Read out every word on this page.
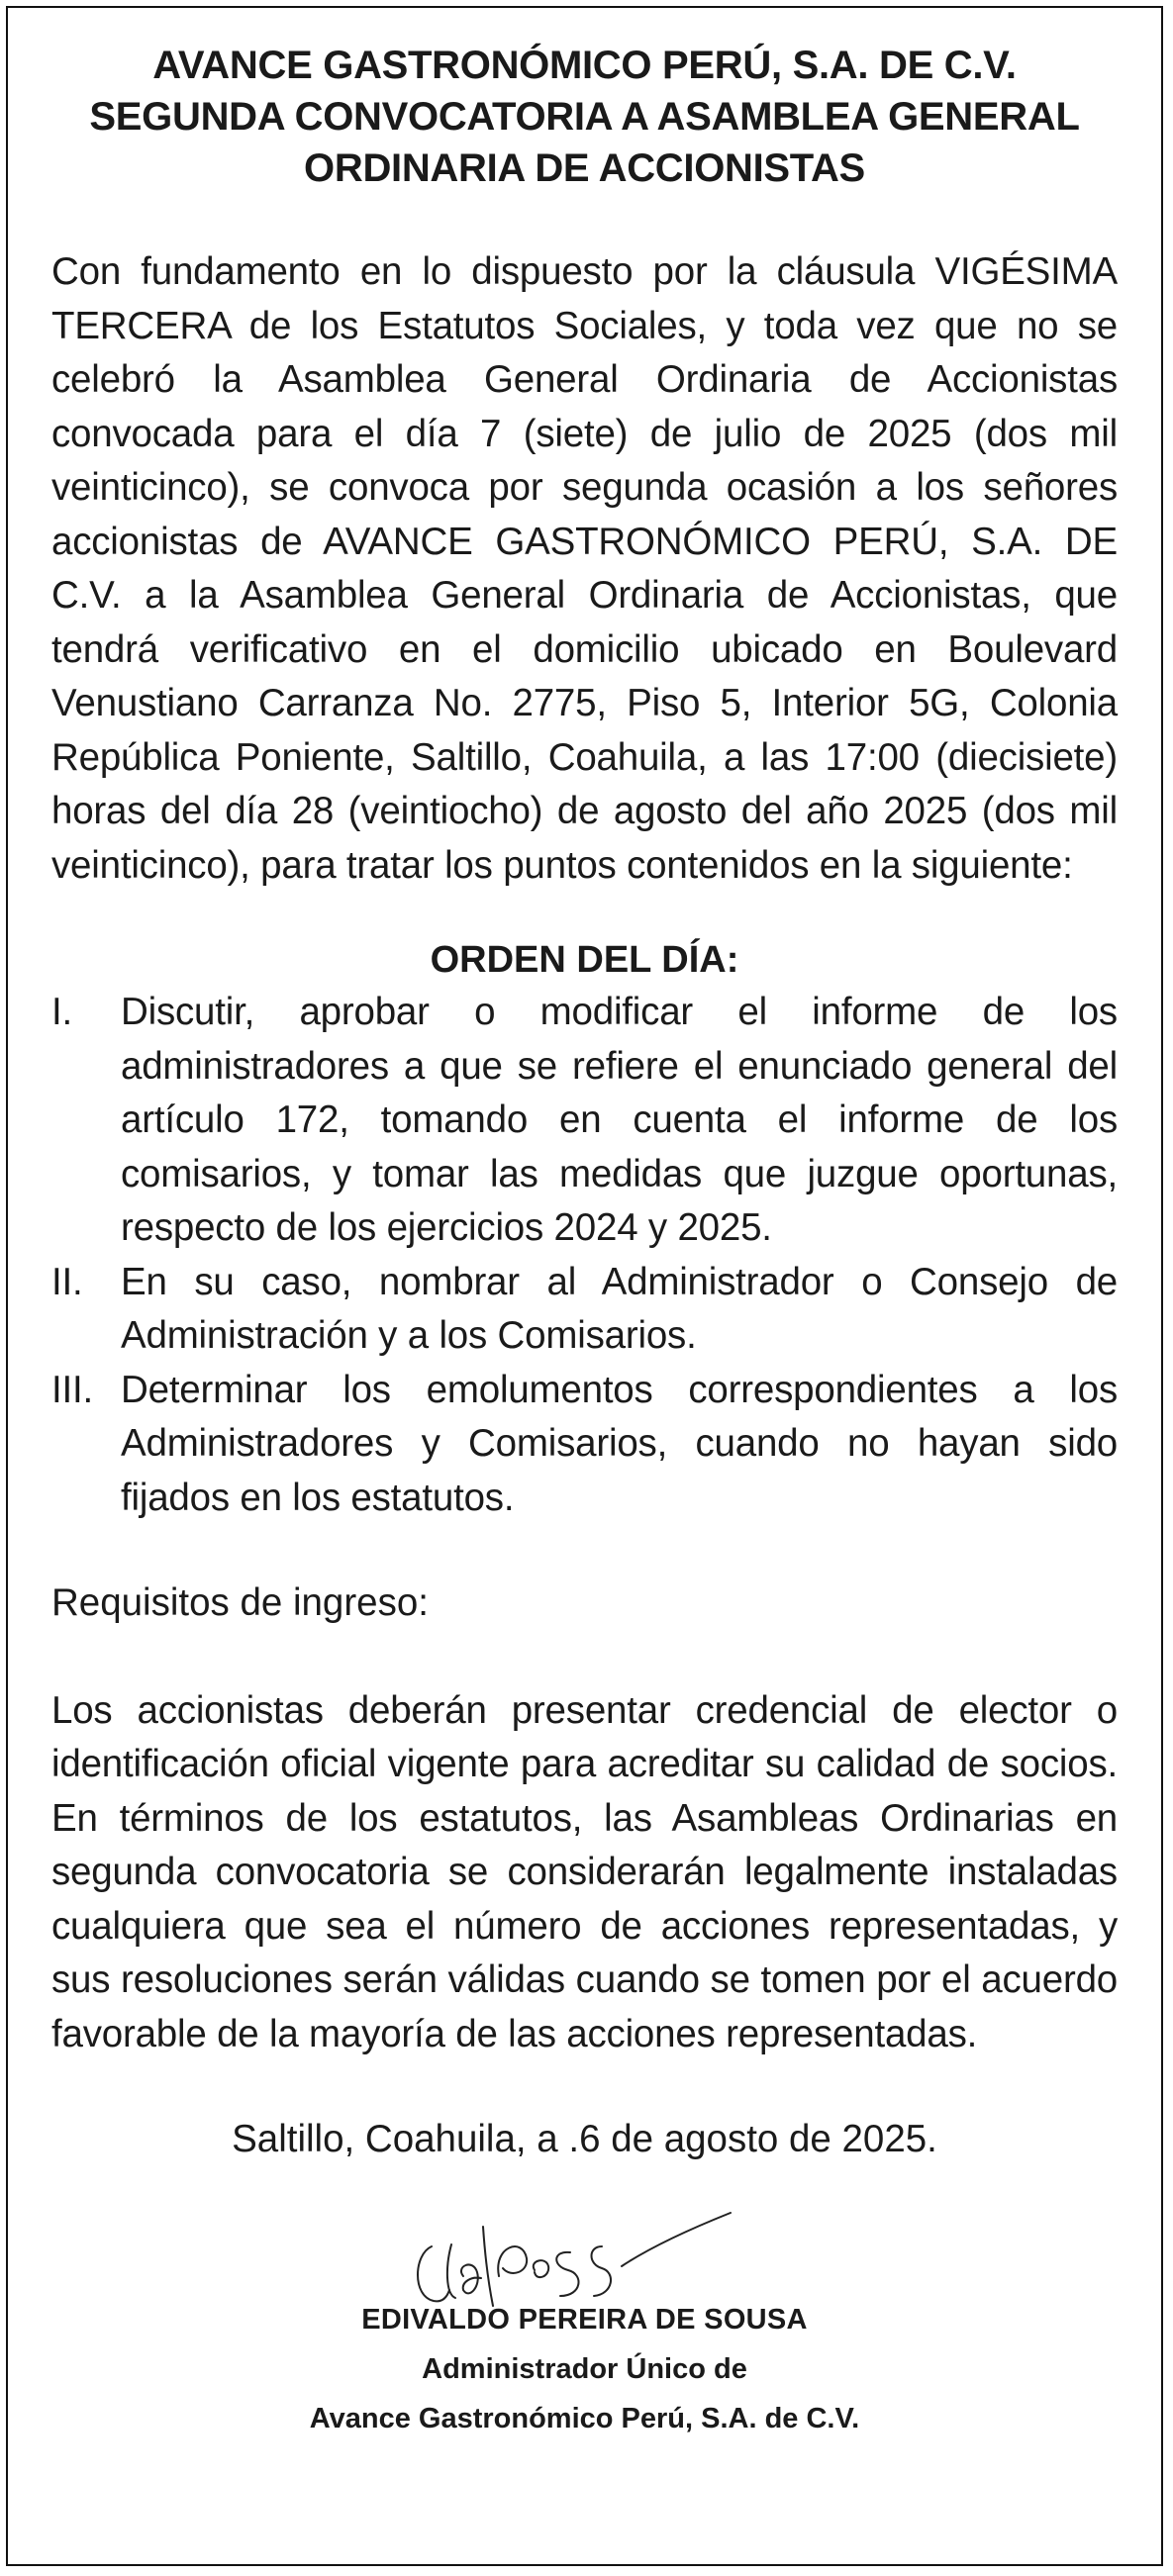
AVANCE GASTRONÓMICO PERÚ, S.A. DE C.V.
SEGUNDA CONVOCATORIA A ASAMBLEA GENERAL
ORDINARIA DE ACCIONISTAS
Con fundamento en lo dispuesto por la cláusula VIGÉSIMA TERCERA de los Estatutos Sociales, y toda vez que no se celebró la Asamblea General Ordinaria de Accionistas convocada para el día 7 (siete) de julio de 2025 (dos mil veinticinco), se convoca por segunda ocasión a los señores accionistas de AVANCE GASTRONÓMICO PERÚ, S.A. DE C.V. a la Asamblea General Ordinaria de Accionistas, que tendrá verificativo en el domicilio ubicado en Boulevard Venustiano Carranza No. 2775, Piso 5, Interior 5G, Colonia República Poniente, Saltillo, Coahuila, a las 17:00 (diecisiete) horas del día 28 (veintiocho) de agosto del año 2025 (dos mil veinticinco), para tratar los puntos contenidos en la siguiente:
ORDEN DEL DÍA:
I.	Discutir, aprobar o modificar el informe de los administradores a que se refiere el enunciado general del artículo 172, tomando en cuenta el informe de los comisarios, y tomar las medidas que juzgue oportunas, respecto de los ejercicios 2024 y 2025.
II.	En su caso, nombrar al Administrador o Consejo de Administración y a los Comisarios.
III. Determinar los emolumentos correspondientes a los Administradores y Comisarios, cuando no hayan sido fijados en los estatutos.
Requisitos de ingreso:
Los accionistas deberán presentar credencial de elector o identificación oficial vigente para acreditar su calidad de socios. En términos de los estatutos, las Asambleas Ordinarias en segunda convocatoria se considerarán legalmente instaladas cualquiera que sea el número de acciones representadas, y sus resoluciones serán válidas cuando se tomen por el acuerdo favorable de la mayoría de las acciones representadas.
Saltillo, Coahuila, a .6 de agosto de 2025.
EDIVALDO PEREIRA DE SOUSA
Administrador Único de
Avance Gastronómico Perú, S.A. de C.V.
